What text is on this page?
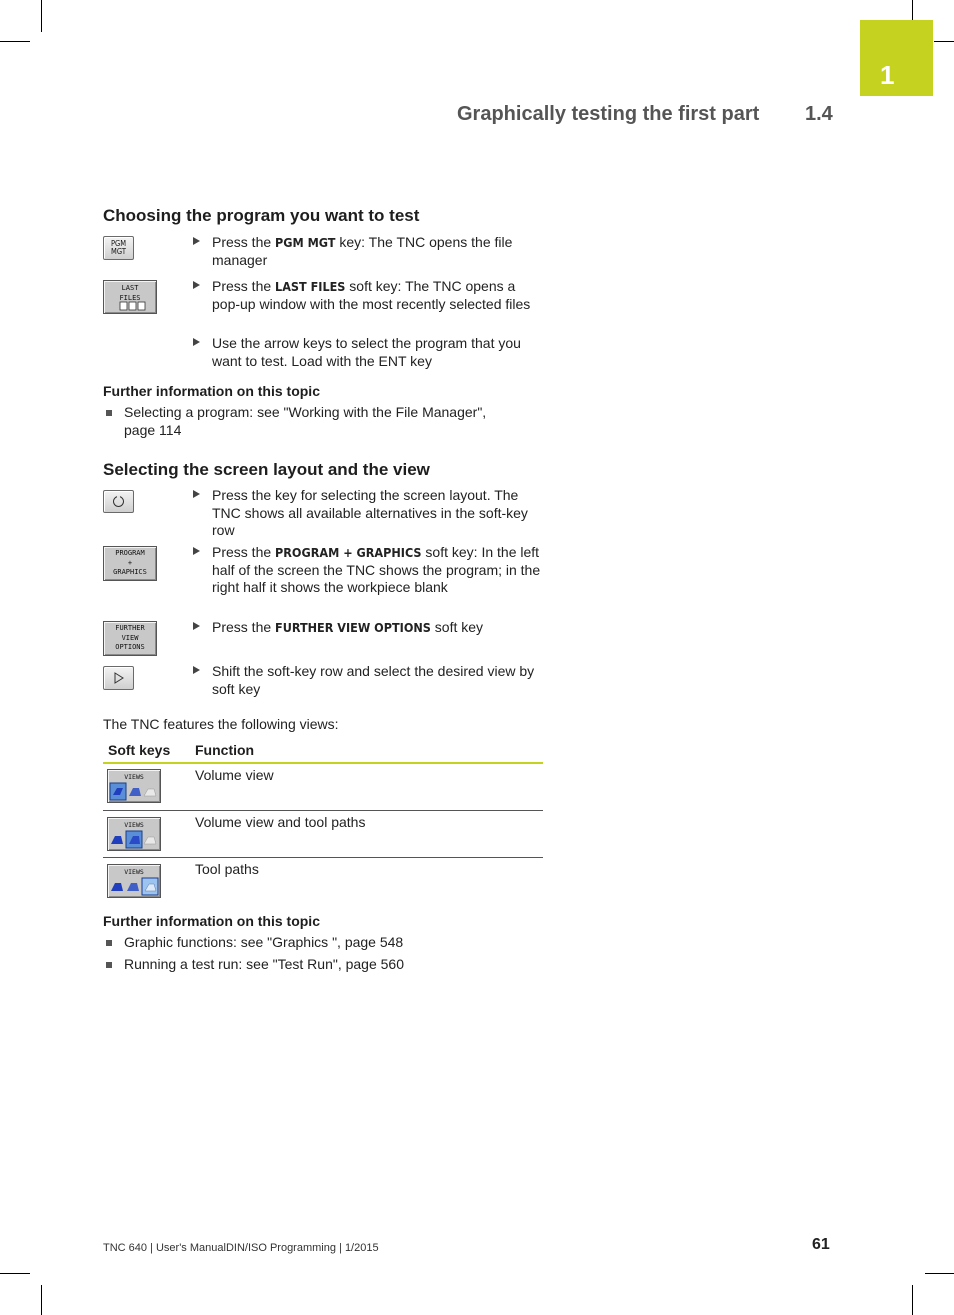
1
Graphically testing the first part 1.4
Choosing the program you want to test
PGM
MGT
LAST
FILES
Press the PGM MGT key: The TNC opens the file manager
Press the LAST FILES soft key: The TNC opens a pop-up window with the most recently selected files
Use the arrow keys to select the program that you want to test. Load with the ENT key
Further information on this topic
Selecting a program: see "Working with the File Manager", page 114
Selecting the screen layout and the view
PROGRAM
+
GRAPHICS
FURTHER
VIEW
OPTIONS
Press the key for selecting the screen layout. The TNC shows all available alternatives in the soft-key row
Press the PROGRAM + GRAPHICS soft key: In the left half of the screen the TNC shows the program; in the right half it shows the workpiece blank
Press the FURTHER VIEW OPTIONS soft key
Shift the soft-key row and select the desired view by soft key
The TNC features the following views:
Soft keys Function
VIEWS	Volume view
VIEWS	Volume view and tool paths
VIEWS	Tool paths
Further information on this topic
Graphic functions: see "Graphics ", page 548
Running a test run: see "Test Run", page 560
TNC 640 | User's ManualDIN/ISO Programming | 1/2015	61
